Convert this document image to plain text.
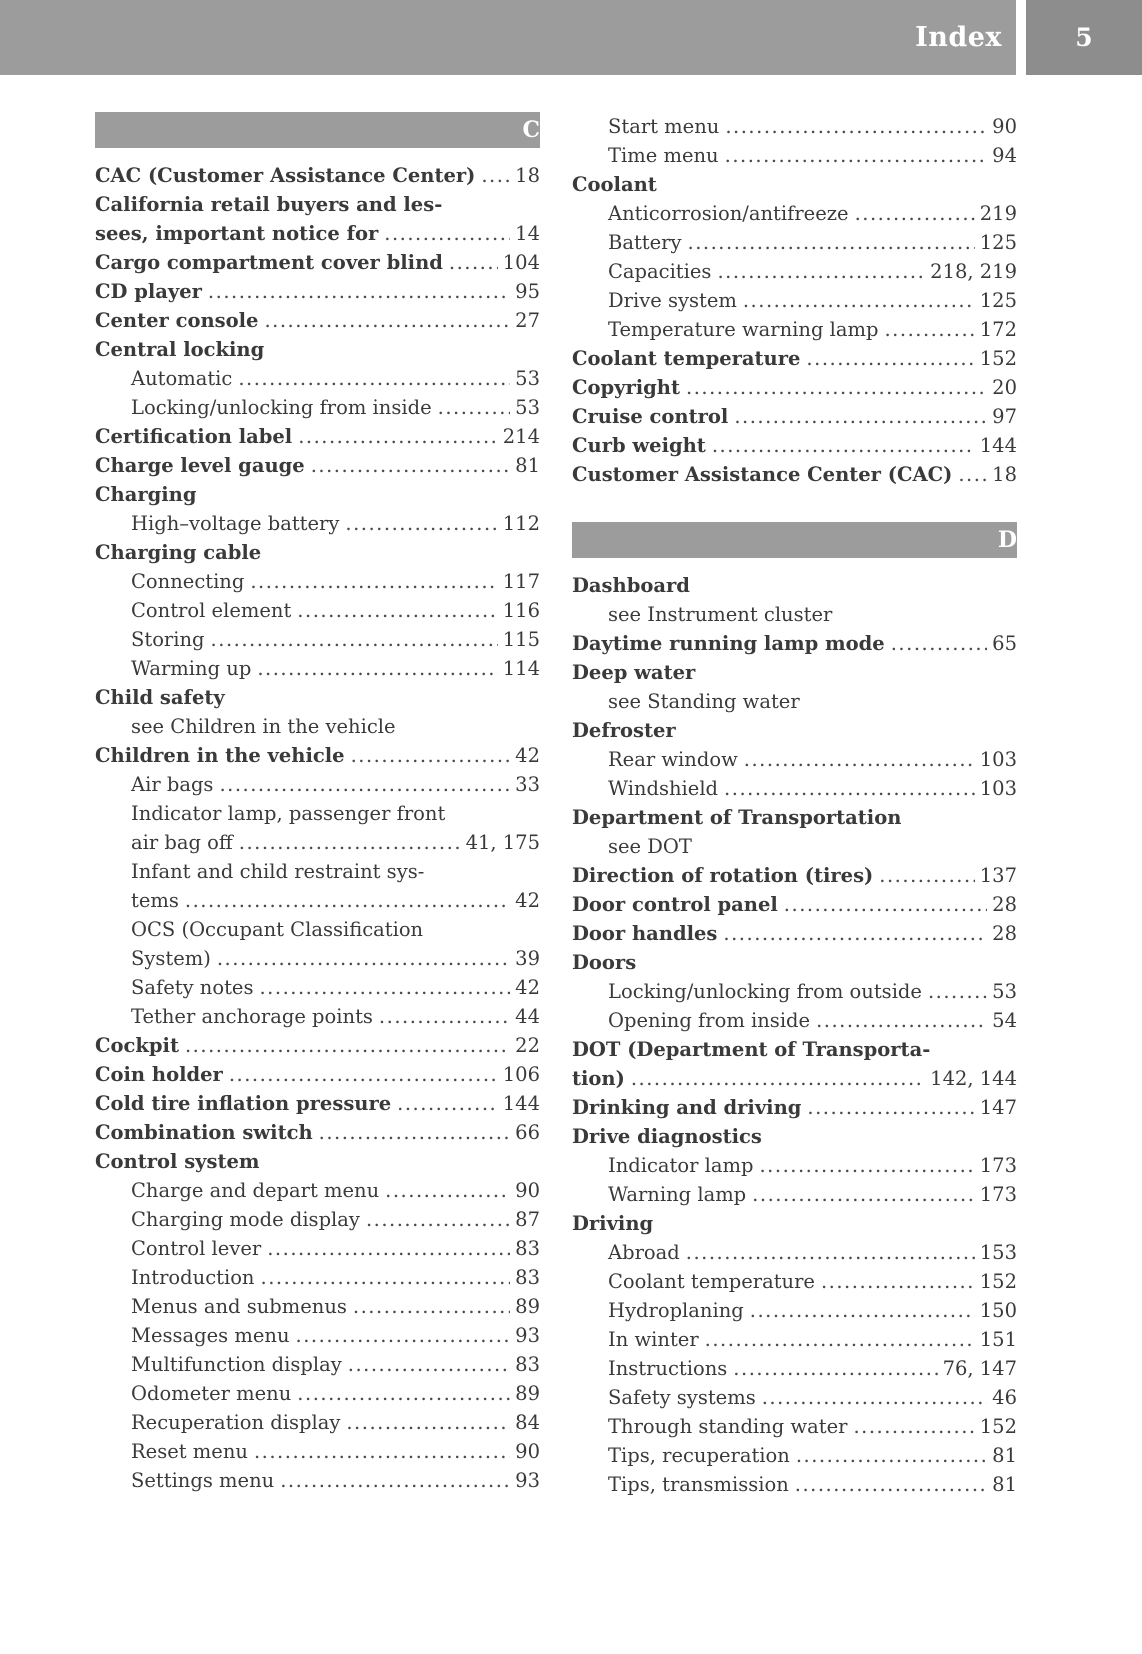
Index	5
C
CAC (Customer Assistance Center) ..... 18
California retail buyers and les-
sees, important notice for .....	14
Cargo compartment cover blind .....	104
CD player .....	95
Center console .....	27
Central locking
Automatic .....	53
Locking/unlocking from inside .....	53
Certification label .....	214
Charge level gauge .....	81
Charging
High–voltage battery .....	112
Charging cable
Connecting .....	117
Control element .....	116
Storing .....	115
Warming up .....	114
Child safety
see Children in the vehicle
Children in the vehicle .....	42
Air bags .....	33
Indicator lamp, passenger front
air bag off .....	41, 175
Infant and child restraint sys-
tems .....	42
OCS (Occupant Classification
System) .....	39
Safety notes .....	42
Tether anchorage points .....	44
Cockpit .....	22
Coin holder .....	106
Cold tire inflation pressure .....	144
Combination switch .....	66
Control system
Charge and depart menu .....	90
Charging mode display .....	87
Control lever .....	83
Introduction .....	83
Menus and submenus .....	89
Messages menu .....	93
Multifunction display .....	83
Odometer menu .....	89
Recuperation display .....	84
Reset menu .....	90
Settings menu .....	93
Start menu .....	90
Time menu .....	94
Coolant
Anticorrosion/antifreeze .....	219
Battery .....	125
Capacities .....	218, 219
Drive system .....	125
Temperature warning lamp .....	172
Coolant temperature .....	152
Copyright .....	20
Cruise control .....	97
Curb weight .....	144
Customer Assistance Center (CAC) ..... 18
D
Dashboard
see Instrument cluster
Daytime running lamp mode .....	65
Deep water
see Standing water
Defroster
Rear window .....	103
Windshield .....	103
Department of Transportation
see DOT
Direction of rotation (tires) .....	137
Door control panel .....	28
Door handles .....	28
Doors
Locking/unlocking from outside .....	53
Opening from inside .....	54
DOT (Department of Transporta-
tion) .....	142, 144
Drinking and driving .....	147
Drive diagnostics
Indicator lamp .....	173
Warning lamp .....	173
Driving
Abroad .....	153
Coolant temperature .....	152
Hydroplaning .....	150
In winter .....	151
Instructions .....	76, 147
Safety systems .....	46
Through standing water .....	152
Tips, recuperation .....	81
Tips, transmission .....	81
